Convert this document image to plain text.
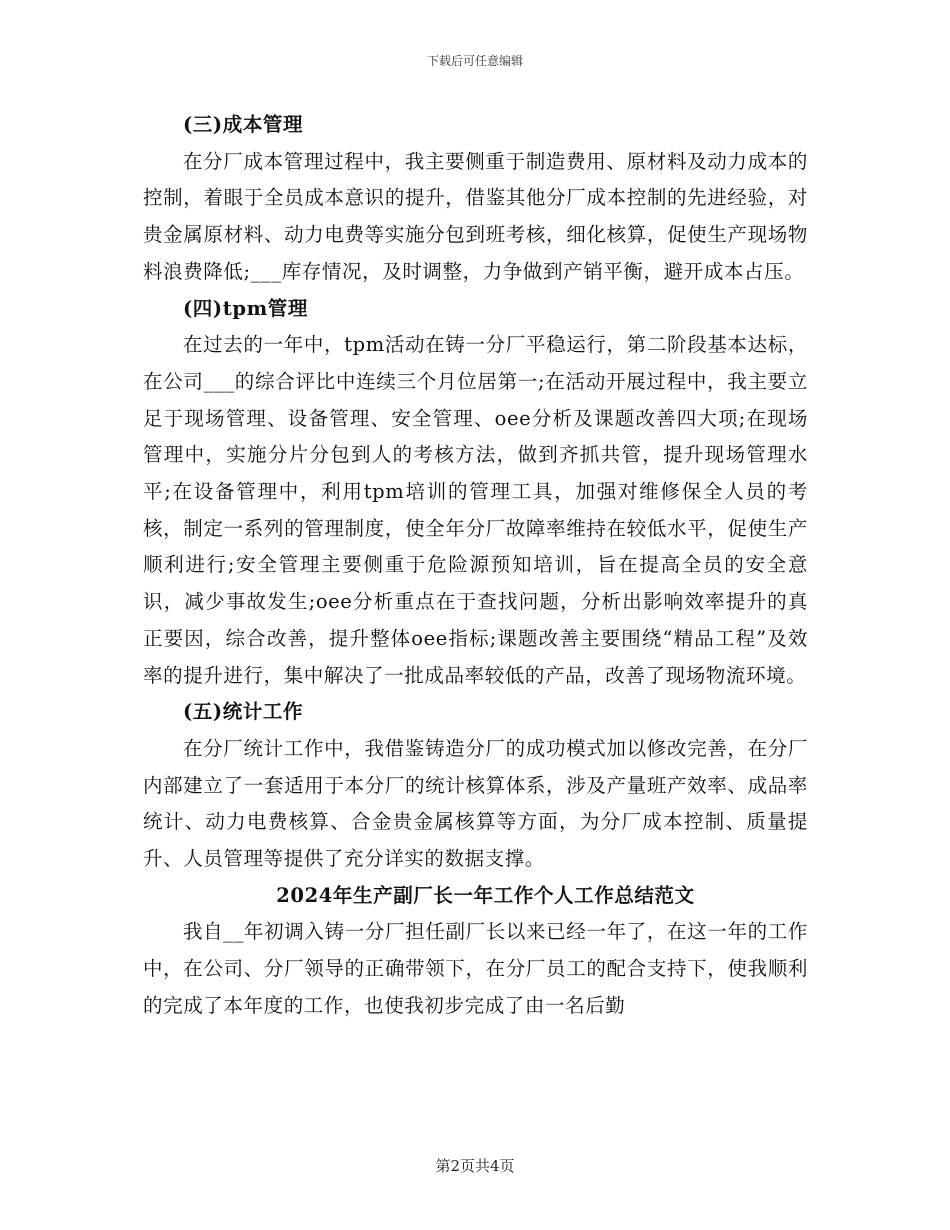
下载后可任意编辑

(三)成本管理

在分厂成本管理过程中，我主要侧重于制造费用、原材料及动力成本的控制，着眼于全员成本意识的提升，借鉴其他分厂成本控制的先进经验，对贵金属原材料、动力电费等实施分包到班考核，细化核算，促使生产现场物料浪费降低;___库存情况，及时调整，力争做到产销平衡，避开成本占压。

(四)tpm管理

在过去的一年中，tpm活动在铸一分厂平稳运行，第二阶段基本达标，在公司___的综合评比中连续三个月位居第一;在活动开展过程中，我主要立足于现场管理、设备管理、安全管理、oee分析及课题改善四大项;在现场管理中，实施分片分包到人的考核方法，做到齐抓共管，提升现场管理水平;在设备管理中，利用tpm培训的管理工具，加强对维修保全人员的考核，制定一系列的管理制度，使全年分厂故障率维持在较低水平，促使生产顺利进行;安全管理主要侧重于危险源预知培训，旨在提高全员的安全意识，减少事故发生;oee分析重点在于查找问题，分析出影响效率提升的真正要因，综合改善，提升整体oee指标;课题改善主要围绕“精品工程”及效率的提升进行，集中解决了一批成品率较低的产品，改善了现场物流环境。

(五)统计工作

在分厂统计工作中，我借鉴铸造分厂的成功模式加以修改完善，在分厂内部建立了一套适用于本分厂的统计核算体系，涉及产量班产效率、成品率统计、动力电费核算、合金贵金属核算等方面，为分厂成本控制、质量提升、人员管理等提供了充分详实的数据支撑。

2024年生产副厂长一年工作个人工作总结范文

我自__年初调入铸一分厂担任副厂长以来已经一年了，在这一年的工作中，在公司、分厂领导的正确带领下，在分厂员工的配合支持下，使我顺利的完成了本年度的工作，也使我初步完成了由一名后勤

第2页共4页
